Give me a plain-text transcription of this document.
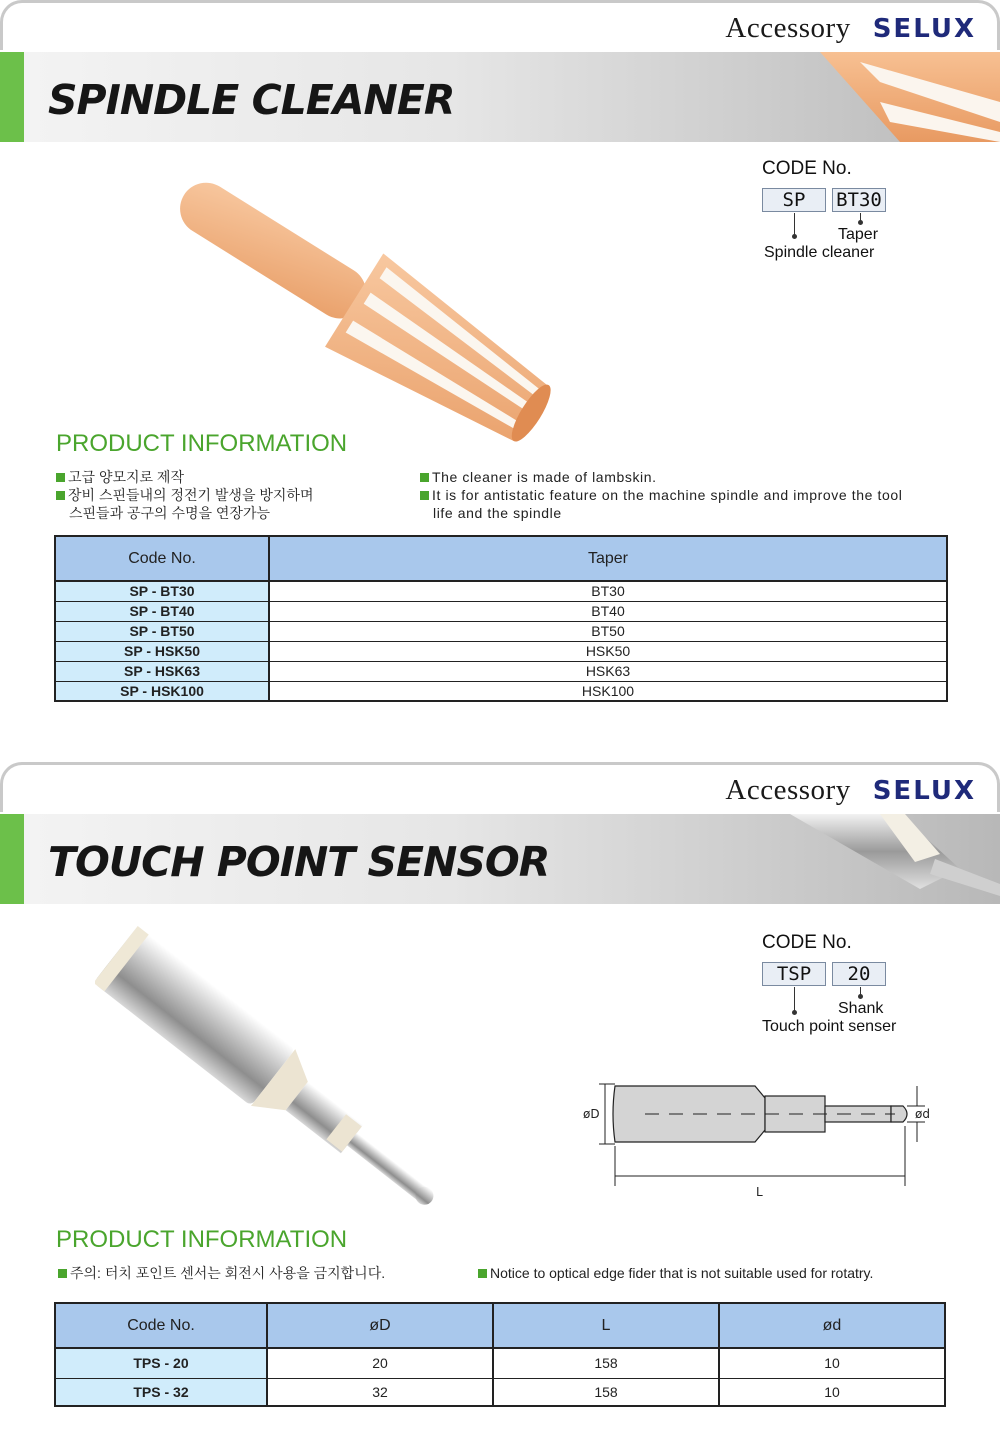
Accessory SELUX
SPINDLE CLEANER
CODE No.
SP	BT30
Taper
Spindle cleaner
PRODUCT INFORMATION
고급 양모지로 제작
장비 스핀들내의 정전기 발생을 방지하며
스핀들과 공구의 수명을 연장가능
The cleaner is made of lambskin.
It is for antistatic feature on the machine spindle and improve the tool
life and the spindle
Code No.	Taper
SP - BT30	BT30
SP - BT40	BT40
SP - BT50	BT50
SP - HSK50	HSK50
SP - HSK63	HSK63
SP - HSK100	HSK100
Accessory SELUX
TOUCH POINT SENSOR
CODE No.
TSP	20
Shank
Touch point senser
øD	ød
L
PRODUCT INFORMATION
주의: 터치 포인트 센서는 회전시 사용을 금지합니다.	Notice to optical edge fider that is not suitable used for rotatry.
Code No.	øD	L	ød
TPS - 20	20	158	10
TPS - 32	32	158	10
